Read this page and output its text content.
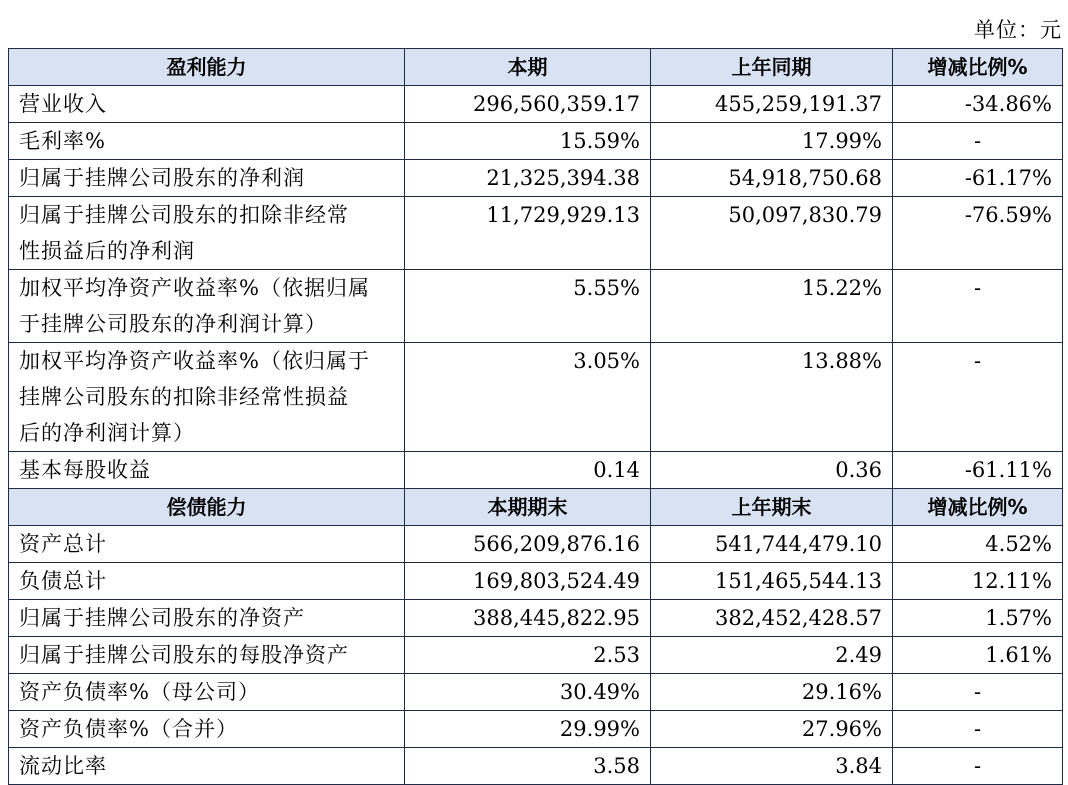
单位：元
盈利能力	本期	上年同期	增减比例%
营业收入	296,560,359.17	455,259,191.37	-34.86%
毛利率%	15.59%	17.99%	-
归属于挂牌公司股东的净利润	21,325,394.38	54,918,750.68	-61.17%

归属于挂牌公司股东的扣除非经常
性损益后的净利润	11,729,929.13	50,097,830.79	-76.59%

加权平均净资产收益率%（依据归属
于挂牌公司股东的净利润计算）	5.55%	15.22%	-

加权平均净资产收益率%（依归属于
挂牌公司股东的扣除非经常性损益
后的净利润计算）	3.05%	13.88%	-
基本每股收益	0.14	0.36	-61.11%
偿债能力	本期期末	上年期末	增减比例%
资产总计	566,209,876.16	541,744,479.10	4.52%
负债总计	169,803,524.49	151,465,544.13	12.11%
归属于挂牌公司股东的净资产	388,445,822.95	382,452,428.57	1.57%
归属于挂牌公司股东的每股净资产	2.53	2.49	1.61%
资产负债率%（母公司）	30.49%	29.16%	-
资产负债率%（合并）	29.99%	27.96%	-
流动比率	3.58	3.84	-
